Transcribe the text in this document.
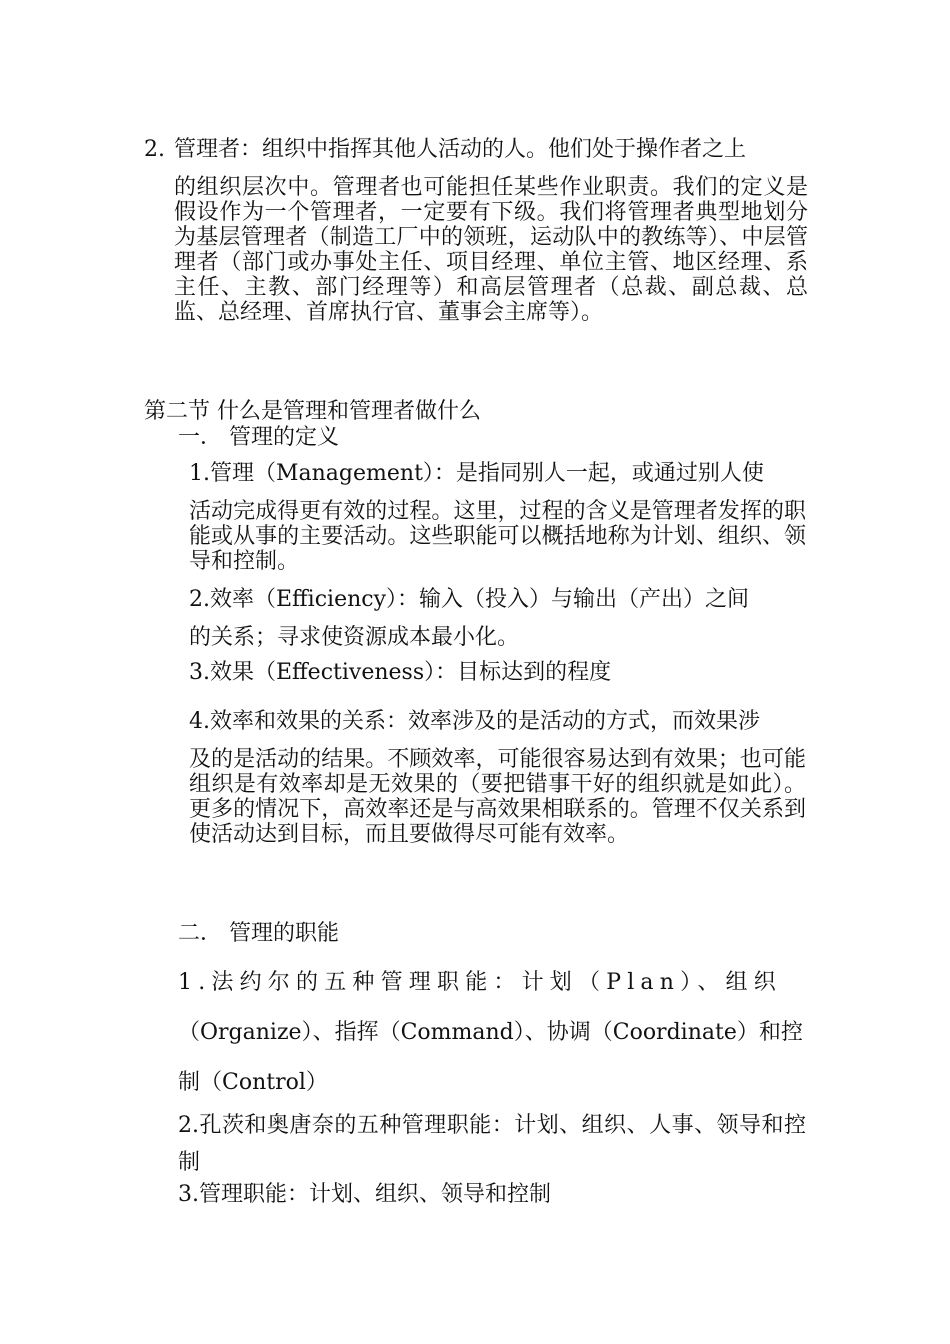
2. 管理者：组织中指挥其他人活动的人。他们处于操作者之上
的组织层次中。管理者也可能担任某些作业职责。我们的定义是假设作为一个管理者，一定要有下级。我们将管理者典型地划分为基层管理者（制造工厂中的领班，运动队中的教练等）、中层管理者（部门或办事处主任、项目经理、单位主管、地区经理、系主任、主教、部门经理等）和高层管理者（总裁、副总裁、总监、总经理、首席执行官、董事会主席等）。
第二节 什么是管理和管理者做什么
一． 管理的定义
1.管理（Management）：是指同别人一起，或通过别人使
活动完成得更有效的过程。这里，过程的含义是管理者发挥的职能或从事的主要活动。这些职能可以概括地称为计划、组织、领导和控制。
2.效率（Efficiency）：输入（投入）与输出（产出）之间
的关系；寻求使资源成本最小化。
3.效果（Effectiveness）：目标达到的程度
4.效率和效果的关系：效率涉及的是活动的方式，而效果涉
及的是活动的结果。不顾效率，可能很容易达到有效果；也可能组织是有效率却是无效果的（要把错事干好的组织就是如此）。更多的情况下，高效率还是与高效果相联系的。管理不仅关系到使活动达到目标，而且要做得尽可能有效率。
二． 管理的职能
1.法约尔的五种管理职能：计划（Plan）、组织
（Organize）、指挥（Command）、协调（Coordinate）和控
制（Control）
2.孔茨和奥唐奈的五种管理职能：计划、组织、人事、领导和控制
3.管理职能：计划、组织、领导和控制
